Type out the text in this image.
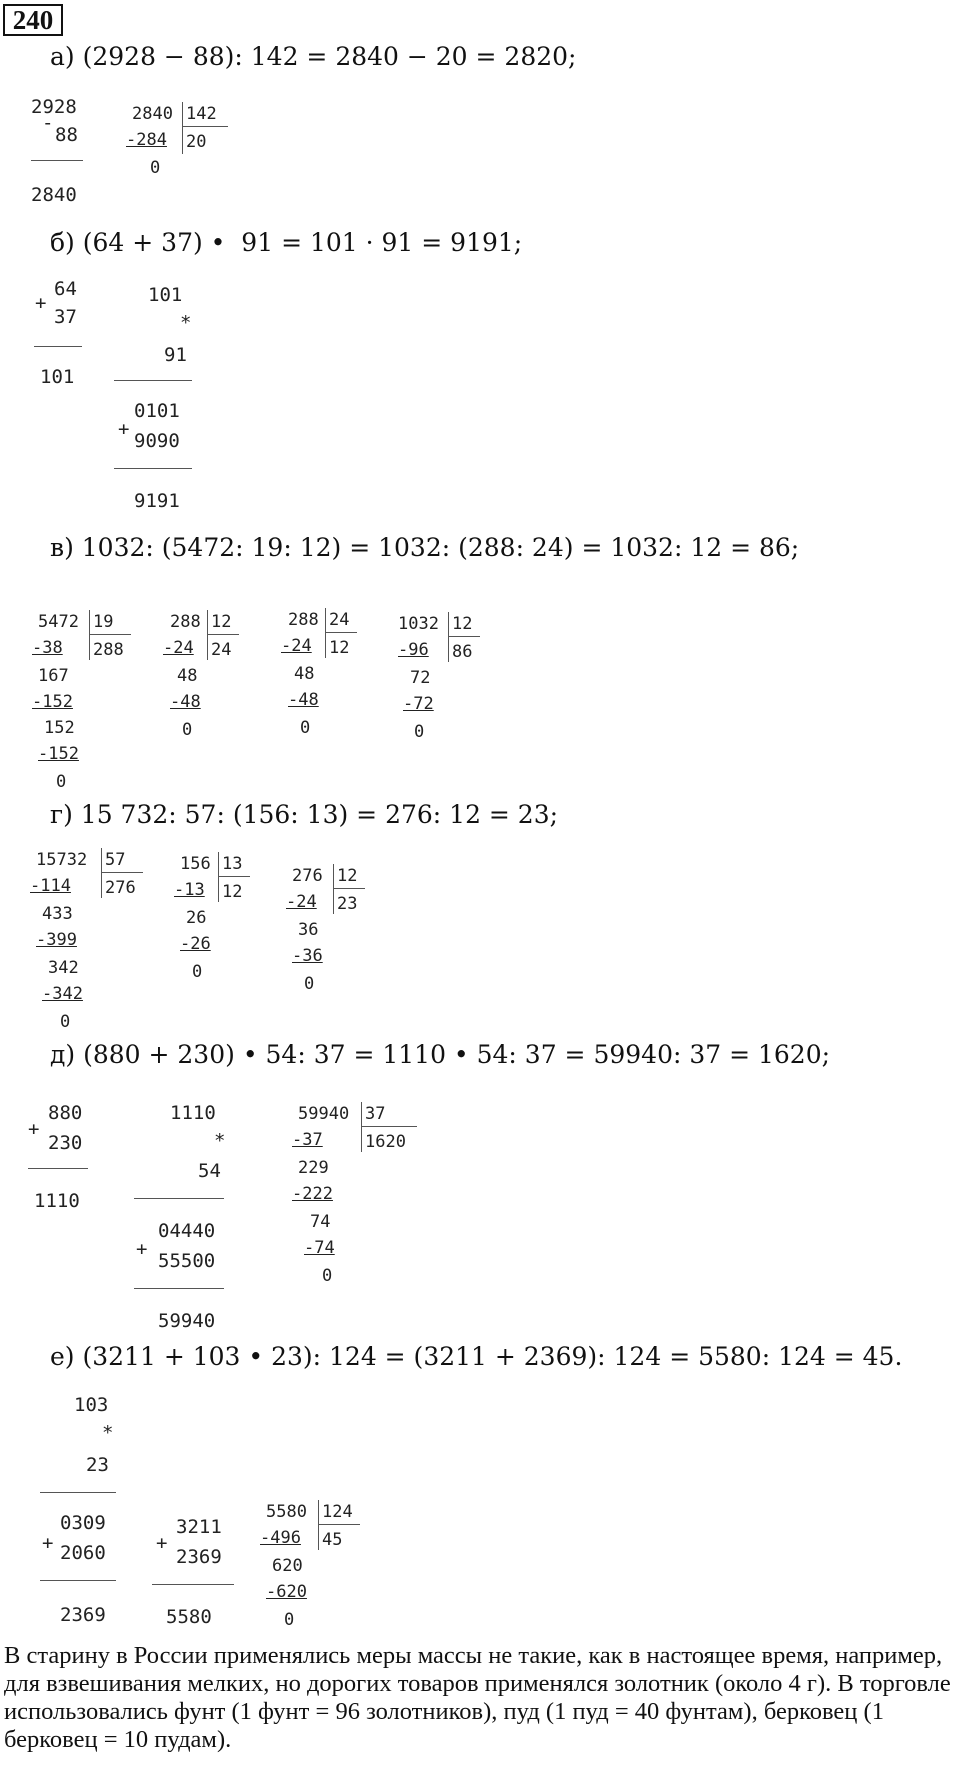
240
а) (2928 − 88): 142 = 2840 − 20 = 2820;
2928
-
88
2840
2840 142
-284 20
0
б) (64 + 37) •  91 = 101 · 91 = 9191;
+
64
37
101
101
*
91
+
0101
9090
9191
в) 1032: (5472: 19: 12) = 1032: (288: 24) = 1032: 12 = 86;
5472 19
288
-38
167
-152
152
-152
0
288 12
24
-24
48
-48
0
288 24
12
-24
48
-48
0
1032 12
86
-96
72
-72
0
г) 15 732: 57: (156: 13) = 276: 12 = 23;
15732 57
276
-114
433
-399
342
-342
0
156 13
12
-13
26
-26
0
276 12
23
-24
36
-36
0
д) (880 + 230) • 54: 37 = 1110 • 54: 37 = 59940: 37 = 1620;
+
880
230
1110
1110
*
54
+
04440
55500
59940
59940 37
1620
-37
229
-222
74
-74
0
е) (3211 + 103 • 23): 124 = (3211 + 2369): 124 = 5580: 124 = 45.
103
*
23
+
0309
2060
2369
+
3211
2369
5580
5580 124
45
-496
620
-620
0
В старину в России применялись меры массы не такие, как в настоящее время, например, для взвешивания мелких, но дорогих товаров применялся золотник (около 4 г). В торговле использовались фунт (1 фунт = 96 золотников), пуд (1 пуд = 40 фунтам), берковец (1 берковец = 10 пудам).
